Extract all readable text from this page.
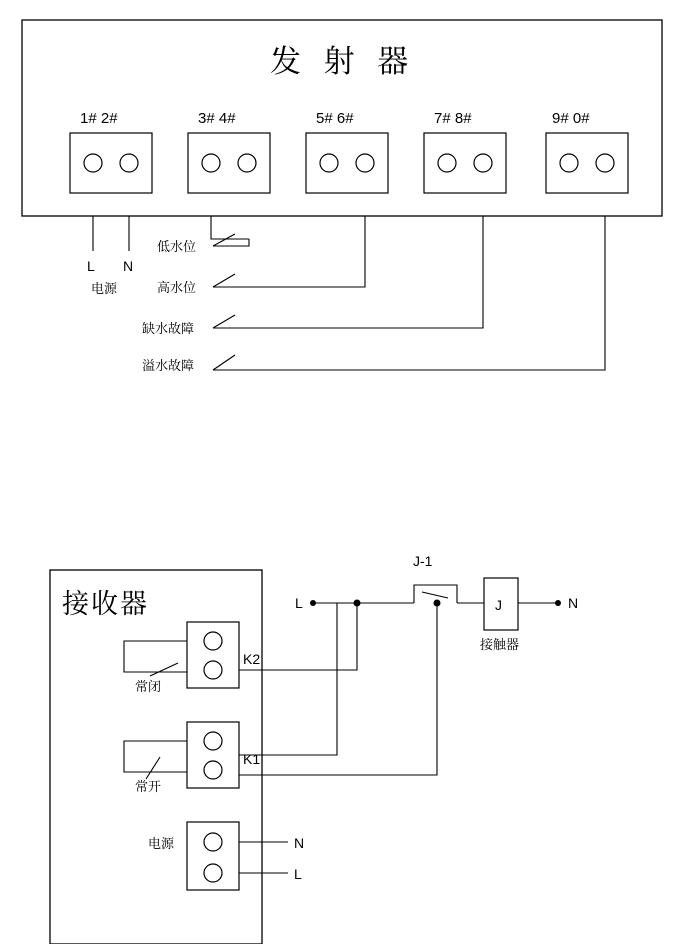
发 射 器
1# 2#	3# 4#	5# 6#	7# 8#	9# 0#
L N
电源
低水位
高水位
缺水故障
溢水故障
接收器
K2
常闭
K1
常开
电源	N
L
L
J-1
J
接触器
N
